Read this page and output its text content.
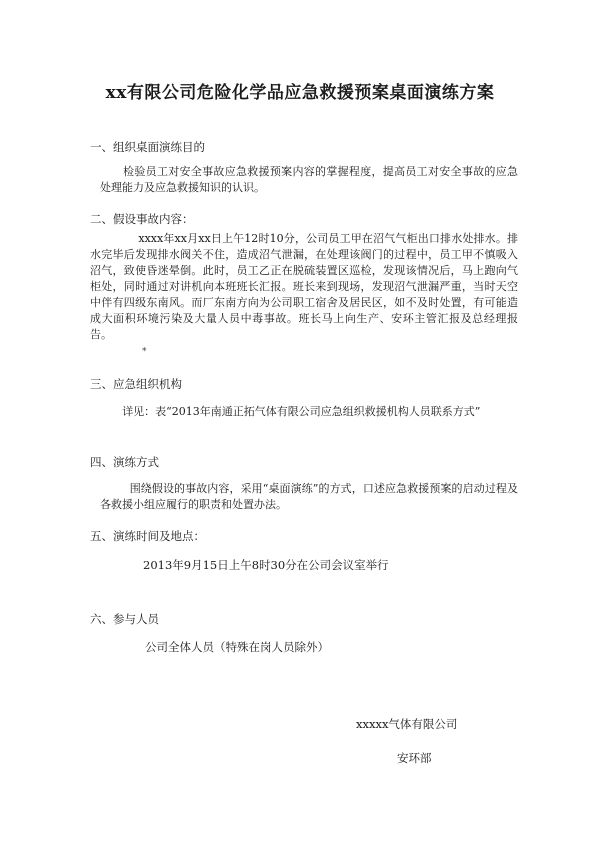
xx有限公司危险化学品应急救援预案桌面演练方案
一、组织桌面演练目的
检验员工对安全事故应急救援预案内容的掌握程度，提高员工对安全事故的应急处理能力及应急救援知识的认识。
二、假设事故内容：
xxxx年xx月xx日上午12时10分，公司员工甲在沼气气柜出口排水处排水。排水完毕后发现排水阀关不住，造成沼气泄漏，在处理该阀门的过程中，员工甲不慎吸入沼气，致使昏迷晕倒。此时，员工乙正在脱硫装置区巡检，发现该情况后，马上跑向气柜处，同时通过对讲机向本班班长汇报。班长来到现场，发现沼气泄漏严重，当时天空中伴有四级东南风。而厂东南方向为公司职工宿舍及居民区，如不及时处置，有可能造成大面积环境污染及大量人员中毒事故。班长马上向生产、安环主管汇报及总经理报告。
*
三、应急组织机构
详见：表“2013年南通正拓气体有限公司应急组织救援机构人员联系方式”
四、演练方式
围绕假设的事故内容，采用“桌面演练”的方式，口述应急救援预案的启动过程及各救援小组应履行的职责和处置办法。
五、演练时间及地点：
2013年9月15日上午8时30分在公司会议室举行
六、参与人员
公司全体人员（特殊在岗人员除外）
xxxxx气体有限公司
安环部
